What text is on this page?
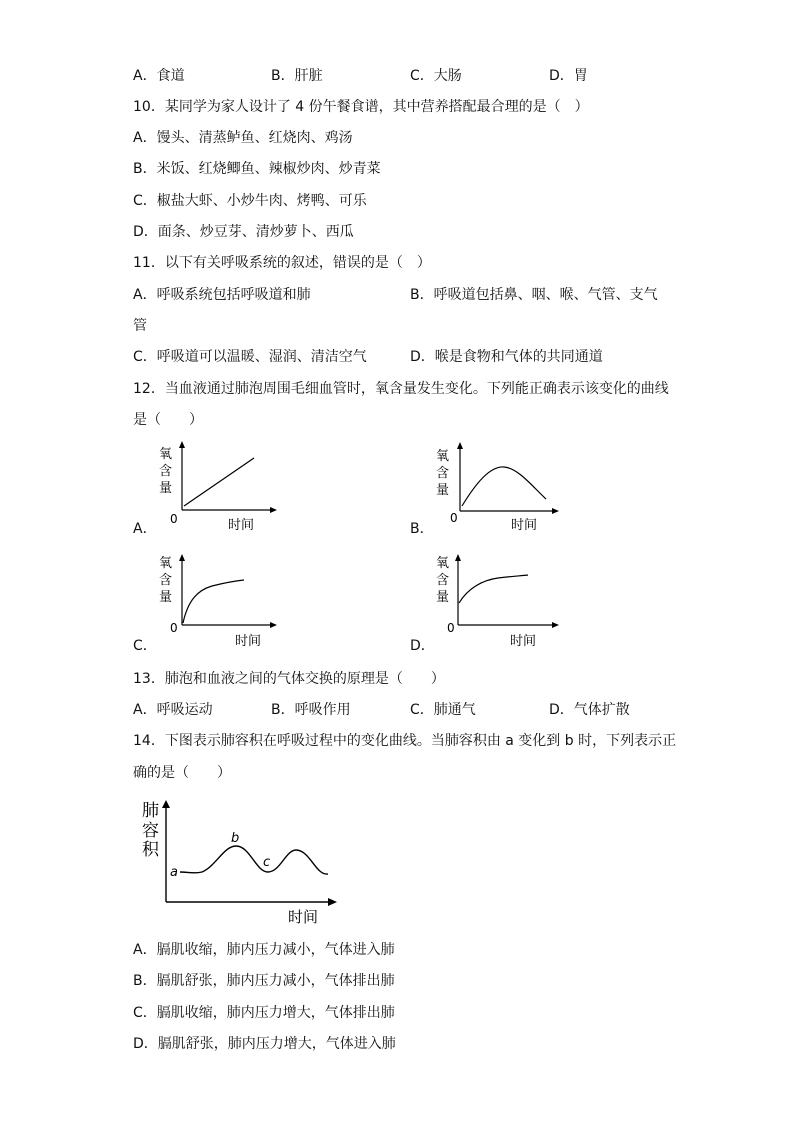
A．食道	B．肝脏	C．大肠	D．胃
10．某同学为家人设计了 4 份午餐食谱，其中营养搭配最合理的是（　）
A．馒头、清蒸鲈鱼、红烧肉、鸡汤
B．米饭、红烧鲫鱼、辣椒炒肉、炒青菜
C．椒盐大虾、小炒牛肉、烤鸭、可乐
D．面条、炒豆芽、清炒萝卜、西瓜
11．以下有关呼吸系统的叙述，错误的是（　）
A．呼吸系统包括呼吸道和肺	B．呼吸道包括鼻、咽、喉、气管、支气
管
C．呼吸道可以温暖、湿润、清洁空气	D．喉是食物和气体的共同通道
12．当血液通过肺泡周围毛细血管时，氧含量发生变化。下列能正确表示该变化的曲线
是（　　）
A．	B．
C．	D．
氧
含
量
0	时间
氧
含
量
0	时间
氧
含
量
0
时间
氧
含
量
0
时间
13．肺泡和血液之间的气体交换的原理是（　　）
A．呼吸运动	B．呼吸作用	C．肺通气	D．气体扩散
14．下图表示肺容积在呼吸过程中的变化曲线。当肺容积由 a 变化到 b 时，下列表示正
确的是（　　）
肺
容
积
a
b
c
时间
A．膈肌收缩，肺内压力减小，气体进入肺
B．膈肌舒张，肺内压力减小，气体排出肺
C．膈肌收缩，肺内压力增大，气体排出肺
D．膈肌舒张，肺内压力增大，气体进入肺
